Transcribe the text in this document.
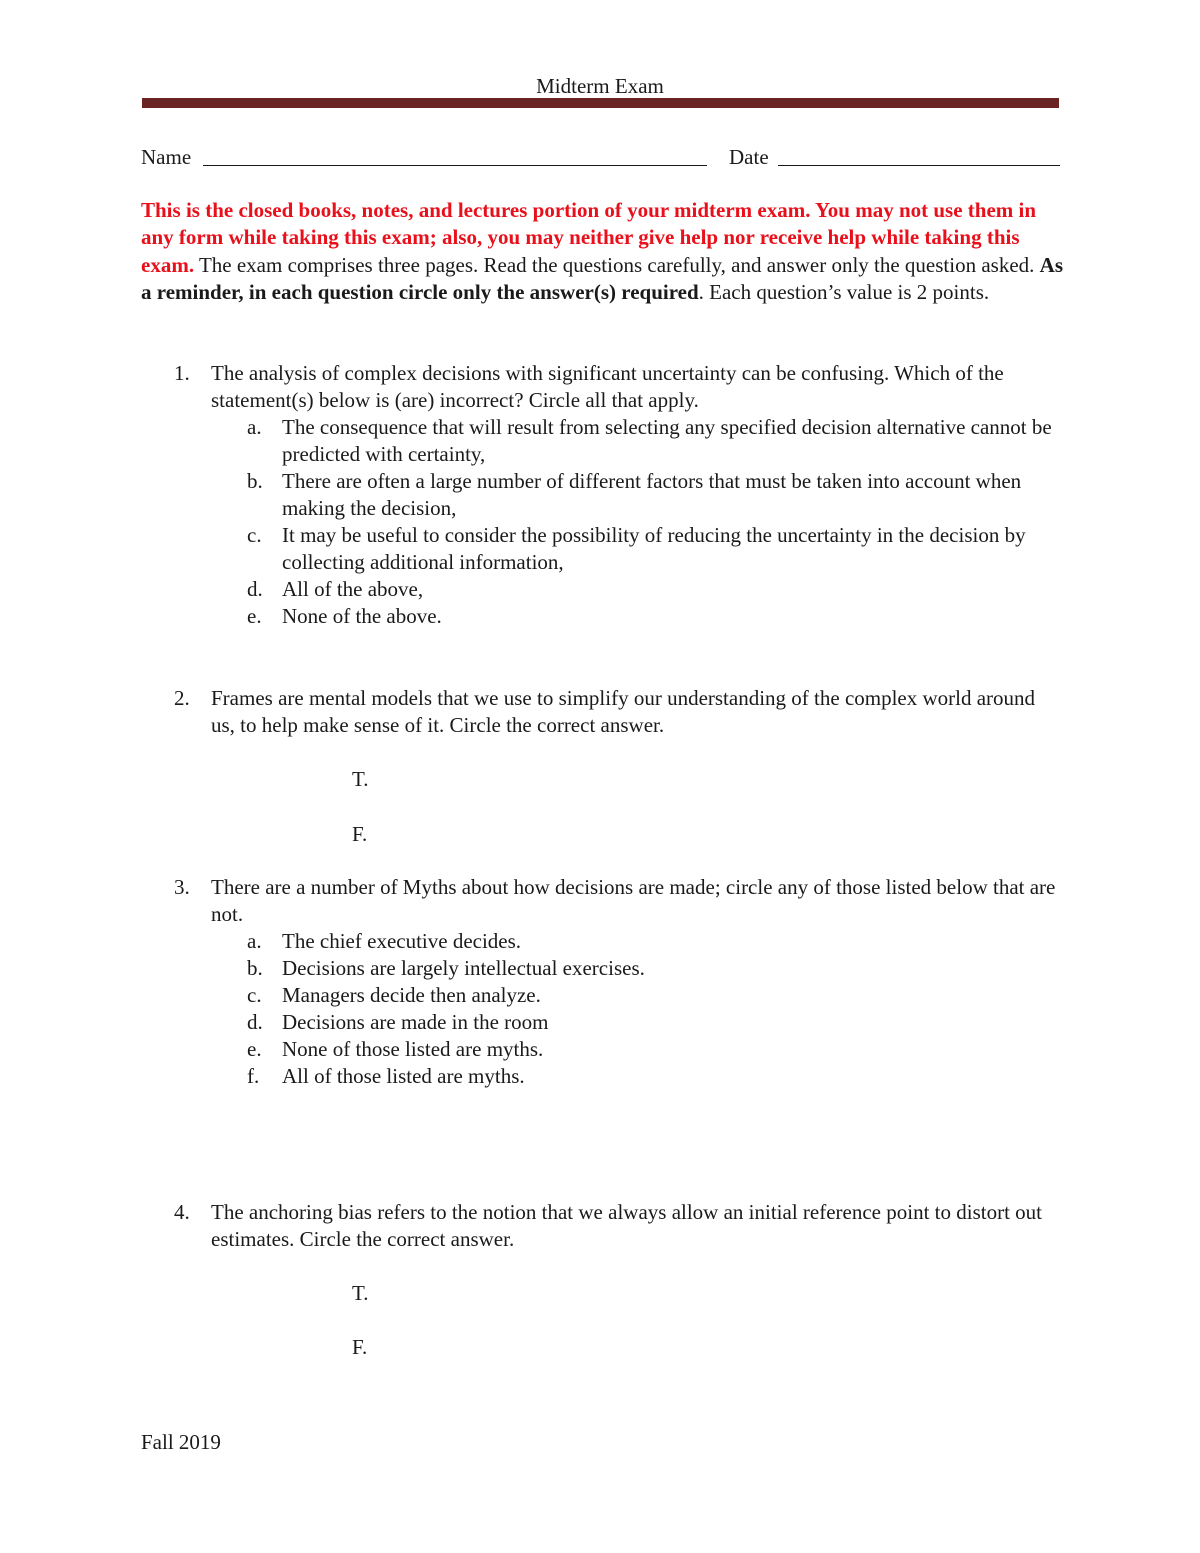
Midterm Exam
Name	Date
This is the closed books, notes, and lectures portion of your midterm exam. You may not use them in any form while taking this exam; also, you may neither give help nor receive help while taking this exam. The exam comprises three pages. Read the questions carefully, and answer only the question asked. As a reminder, in each question circle only the answer(s) required. Each question’s value is 2 points.
1.	The analysis of complex decisions with significant uncertainty can be confusing. Which of the statement(s) below is (are) incorrect? Circle all that apply.
a. The consequence that will result from selecting any specified decision alternative cannot be predicted with certainty,
b. There are often a large number of different factors that must be taken into account when making the decision,
c. It may be useful to consider the possibility of reducing the uncertainty in the decision by collecting additional information,
d. All of the above,
e. None of the above.
2.	Frames are mental models that we use to simplify our understanding of the complex world around us, to help make sense of it. Circle the correct answer.
T.
F.
3.	There are a number of Myths about how decisions are made; circle any of those listed below that are not.
a. The chief executive decides.
b. Decisions are largely intellectual exercises.
c. Managers decide then analyze.
d. Decisions are made in the room
e. None of those listed are myths.
f. All of those listed are myths.
4.	The anchoring bias refers to the notion that we always allow an initial reference point to distort out estimates. Circle the correct answer.
T.
F.
Fall 2019
